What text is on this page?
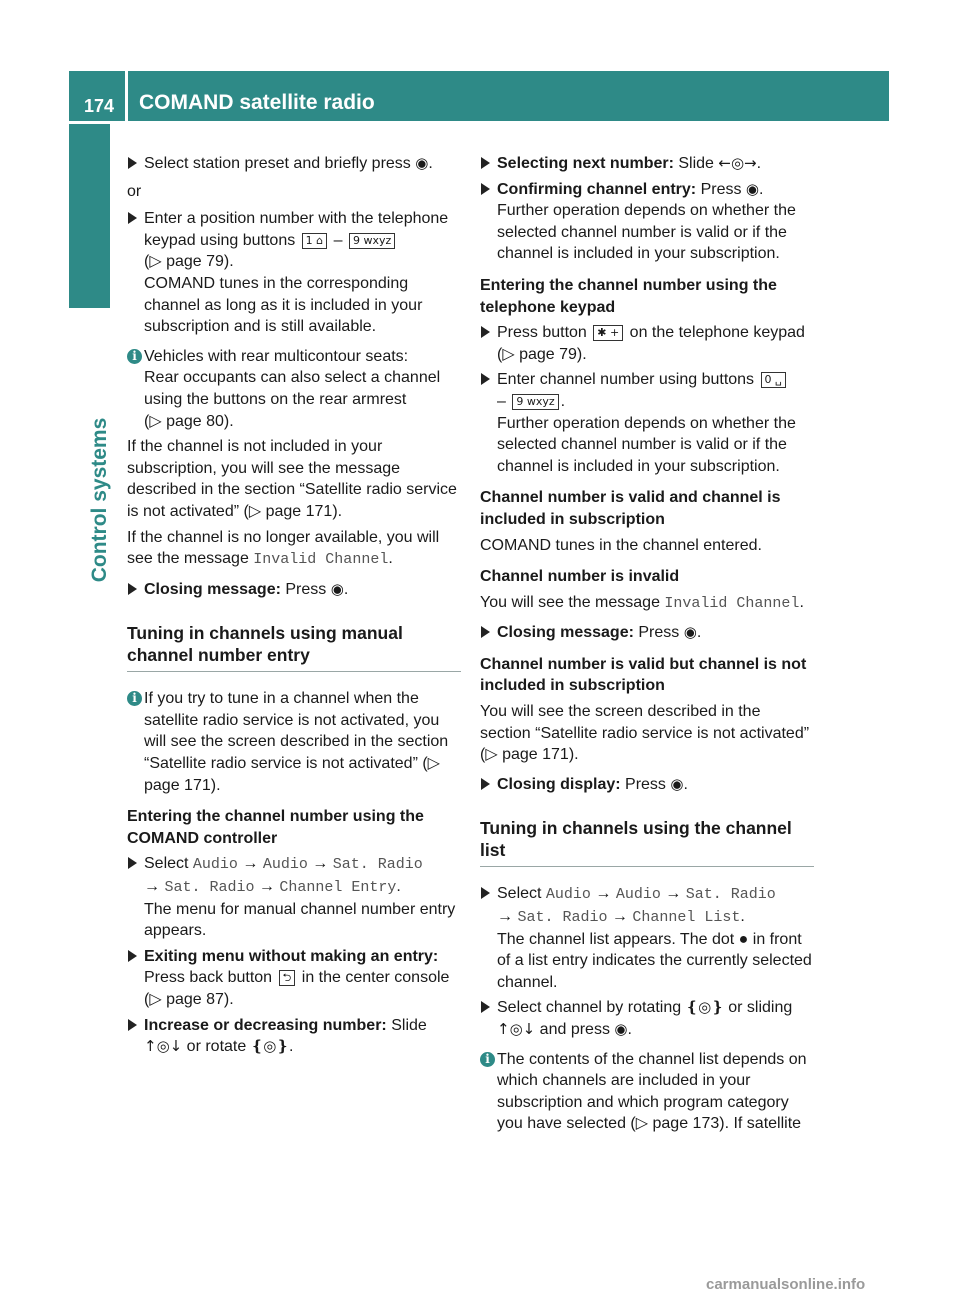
174 COMAND satellite radio
Control systems
Select station preset and briefly press ◉.
or
Enter a position number with the telephone keypad using buttons 1 ⌂ – 9 wxyz
(▷ page 79).
COMAND tunes in the corresponding channel as long as it is included in your subscription and is still available.
i Vehicles with rear multicontour seats:
Rear occupants can also select a channel using the buttons on the rear armrest
(▷ page 80).
If the channel is not included in your subscription, you will see the message described in the section “Satellite radio service is not activated” (▷ page 171).
If the channel is no longer available, you will see the message Invalid Channel.
Closing message: Press ◉.
Tuning in channels using manual channel number entry
i If you try to tune in a channel when the satellite radio service is not activated, you will see the screen described in the section “Satellite radio service is not activated” (▷ page 171).
Entering the channel number using the COMAND controller
Select Audio → Audio → Sat. Radio
→ Sat. Radio → Channel Entry.
The menu for manual channel number entry appears.
Exiting menu without making an entry:
Press back button ⮌ in the center console (▷ page 87).
Increase or decreasing number: Slide
↑◎↓ or rotate ❴◎❵.
Selecting next number: Slide ←◎→.
Confirming channel entry: Press ◉.
Further operation depends on whether the selected channel number is valid or if the channel is included in your subscription.
Entering the channel number using the telephone keypad
Press button ✱ + on the telephone keypad (▷ page 79).
Enter channel number using buttons 0 ␣
– 9 wxyz .
Further operation depends on whether the selected channel number is valid or if the channel is included in your subscription.
Channel number is valid and channel is included in subscription
COMAND tunes in the channel entered.
Channel number is invalid
You will see the message Invalid Channel.
Closing message: Press ◉.
Channel number is valid but channel is not included in subscription
You will see the screen described in the section “Satellite radio service is not activated” (▷ page 171).
Closing display: Press ◉.
Tuning in channels using the channel list
Select Audio → Audio → Sat. Radio
→ Sat. Radio → Channel List.
The channel list appears. The dot ● in front of a list entry indicates the currently selected channel.
Select channel by rotating ❴◎❵ or sliding
↑◎↓ and press ◉.
i The contents of the channel list depends on which channels are included in your subscription and which program category you have selected (▷ page 173). If satellite
carmanualsonline.info
